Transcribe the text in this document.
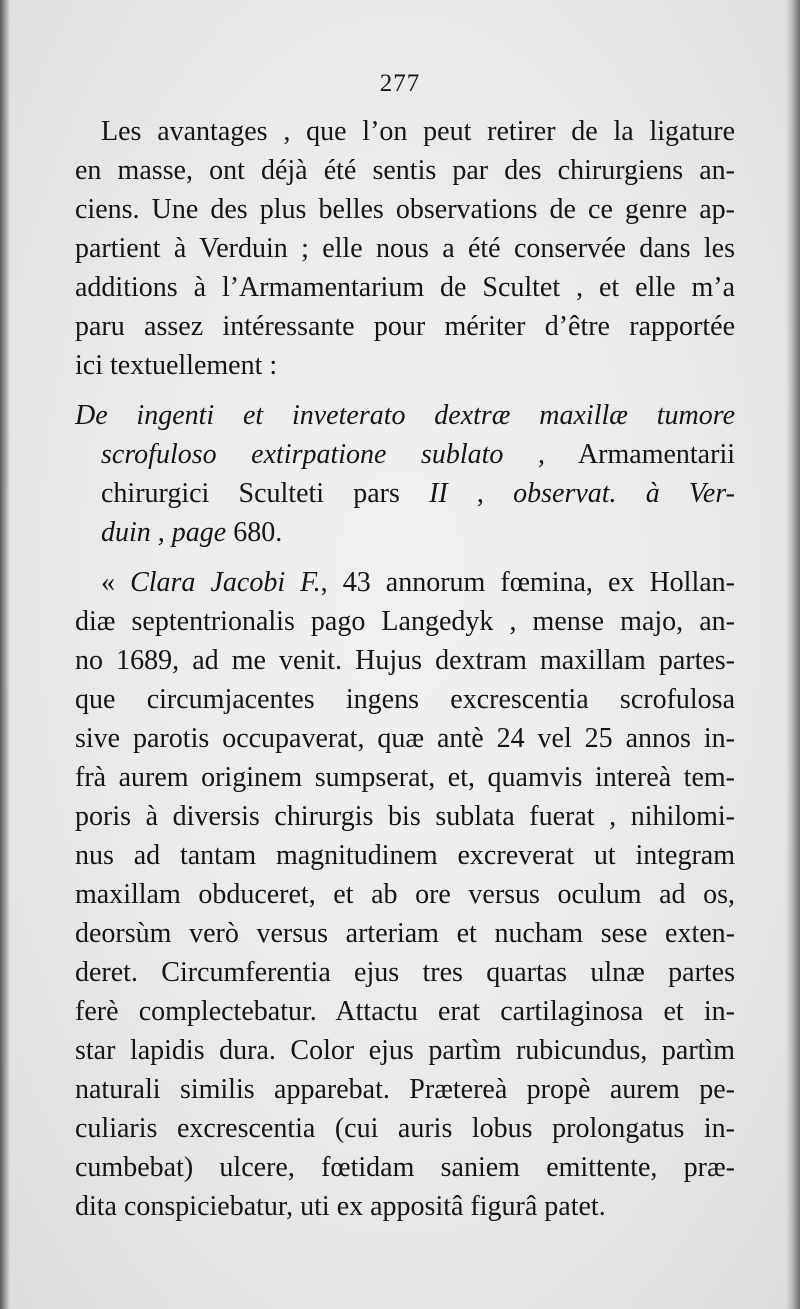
277
Les avantages , que l’on peut retirer de la ligature
en masse, ont déjà été sentis par des chirurgiens an-
ciens. Une des plus belles observations de ce genre ap-
partient à Verduin ; elle nous a été conservée dans les
additions à l’Armamentarium de Scultet , et elle m’a
paru assez intéressante pour mériter d’être rapportée
ici textuellement :
De ingenti et inveterato dextræ maxillæ tumore
scrofuloso extirpatione sublato , Armamentarii
chirurgici Sculteti pars II , observat. à Ver-
duin , page 680.
« Clara Jacobi F., 43 annorum fœmina, ex Hollan-
diæ septentrionalis pago Langedyk , mense majo, an-
no 1689, ad me venit. Hujus dextram maxillam partes-
que circumjacentes ingens excrescentia scrofulosa
sive parotis occupaverat, quæ antè 24 vel 25 annos in-
frà aurem originem sumpserat, et, quamvis intereà tem-
poris à diversis chirurgis bis sublata fuerat , nihilomi-
nus ad tantam magnitudinem excreverat ut integram
maxillam obduceret, et ab ore versus oculum ad os,
deorsùm verò versus arteriam et nucham sese exten-
deret. Circumferentia ejus tres quartas ulnæ partes
ferè complectebatur. Attactu erat cartilaginosa et in-
star lapidis dura. Color ejus partìm rubicundus, partìm
naturali similis apparebat. Prætereà propè aurem pe-
culiaris excrescentia (cui auris lobus prolongatus in-
cumbebat) ulcere, fœtidam saniem emittente, præ-
dita conspiciebatur, uti ex appositâ figurâ patet.
